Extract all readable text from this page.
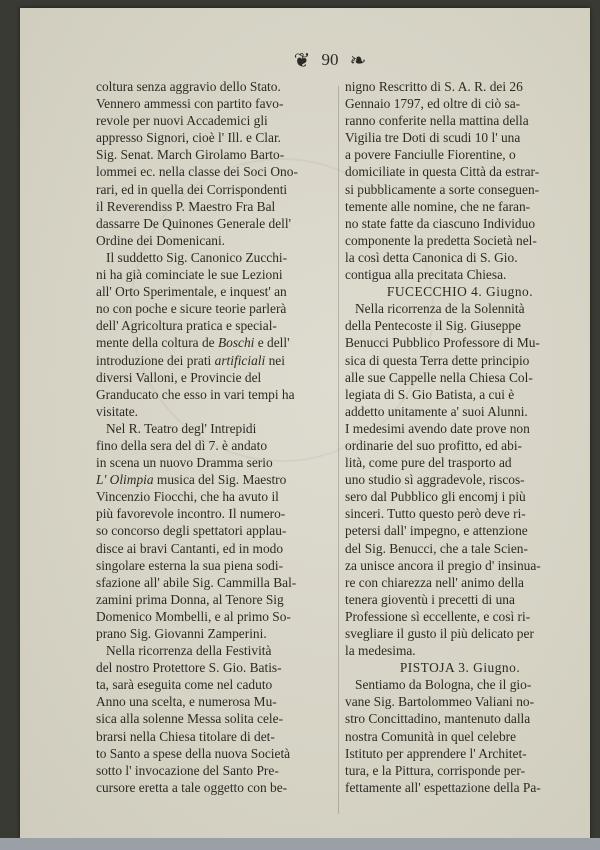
❦ 90 ❧
coltura senza aggravio dello Stato.
Vennero ammessi con partito favo-
revole per nuovi Accademici gli
appresso Signori, cioè l' Ill. e Clar.
Sig. Senat. March Girolamo Barto-
lommei ec. nella classe dei Soci Ono-
rari, ed in quella dei Corrispondenti
il Reverendiss P. Maestro Fra Bal
dassarre De Quinones Generale dell'
Ordine dei Domenicani.
Il suddetto Sig. Canonico Zucchi-
ni ha già cominciate le sue Lezioni
all' Orto Sperimentale, e inquest' an
no con poche e sicure teorie parlerà
dell' Agricoltura pratica e special-
mente della coltura de Boschi e dell'
introduzione dei prati artificiali nei
diversi Valloni, e Provincie del
Granducato che esso in vari tempi ha
visitate.
Nel R. Teatro degl' Intrepidi
fino della sera del dì 7. è andato
in scena un nuovo Dramma serio
L' Olimpia musica del Sig. Maestro
Vincenzio Fiocchi, che ha avuto il
più favorevole incontro. Il numero-
so concorso degli spettatori applau-
disce ai bravi Cantanti, ed in modo
singolare esterna la sua piena sodi-
sfazione all' abile Sig. Cammilla Bal-
zamini prima Donna, al Tenore Sig
Domenico Mombelli, e al primo So-
prano Sig. Giovanni Zamperini.
Nella ricorrenza della Festività
del nostro Protettore S. Gio. Batis-
ta, sarà eseguita come nel caduto
Anno una scelta, e numerosa Mu-
sica alla solenne Messa solita cele-
brarsi nella Chiesa titolare di det-
to Santo a spese della nuova Società
sotto l' invocazione del Santo Pre-
cursore eretta a tale oggetto con be-
nigno Rescritto di S. A. R. dei 26
Gennaio 1797, ed oltre di ciò sa-
ranno conferite nella mattina della
Vigilia tre Doti di scudi 10 l' una
a povere Fanciulle Fiorentine, o
domiciliate in questa Città da estrar-
si pubblicamente a sorte conseguen-
temente alle nomine, che ne faran-
no state fatte da ciascuno Individuo
componente la predetta Società nel-
la così detta Canonica di S. Gio.
contigua alla precitata Chiesa.
FUCECCHIO 4. Giugno.
Nella ricorrenza de la Solennità
della Pentecoste il Sig. Giuseppe
Benucci Pubblico Professore di Mu-
sica di questa Terra dette principio
alle sue Cappelle nella Chiesa Col-
legiata di S. Gio Batista, a cui è
addetto unitamente a' suoi Alunni.
I medesimi avendo date prove non
ordinarie del suo profitto, ed abi-
lità, come pure del trasporto ad
uno studio sì aggradevole, riscos-
sero dal Pubblico gli encomj i più
sinceri. Tutto questo però deve ri-
petersi dall' impegno, e attenzione
del Sig. Benucci, che a tale Scien-
za unisce ancora il pregio d' insinua-
re con chiarezza nell' animo della
tenera gioventù i precetti di una
Professione sì eccellente, e così ri-
svegliare il gusto il più delicato per
la medesima.
PISTOJA 3. Giugno.
Sentiamo da Bologna, che il gio-
vane Sig. Bartolommeo Valiani no-
stro Concittadino, mantenuto dalla
nostra Comunità in quel celebre
Istituto per apprendere l' Architet-
tura, e la Pittura, corrisponde per-
fettamente all' espettazione della Pa-
